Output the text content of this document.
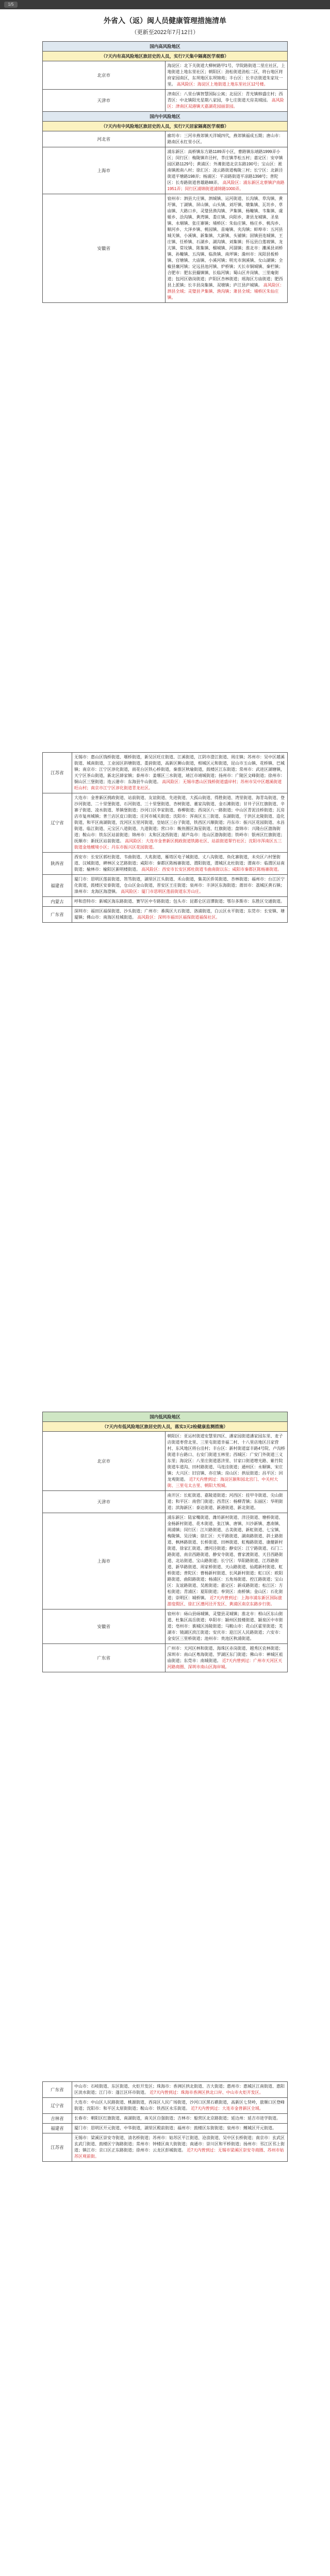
1/5
外省入（返）闽人员健康管理措施清单
（更新至2022年7月12日）
国内高风险地区	
（7天内有高风险地区旅居史的人员，实行7天集中隔离医学观察）	
北京市	海淀区：北下关街道大柳树路甲1号，学院路街道二里庄社区，上地街道上地东里社区；朝阳区：劲松街道劲松二区，将台地区将府家园南区，东坝地区东坝锦苑；丰台区：长辛店街道朱家坟一里。 高风险区：海淀区上地街道上地东里社区12号楼。
天津市	津南区：八里台镇智慧国际公寓；北辰区：青光镇韩盛庄村；西青区：中北镇阳光星期八家园，李七庄街道天房美域园。 高风险区：津南区双港镇天嘉湖花园丽景园。
国内中风险地区	
（7天内有中风险地区旅居史的人员，实行7天居家隔离医学观察）	
河北省	廊坊市：三河市燕郊镇天洋城四代，燕郊镇福成五期；唐山市：路南区永红里小区。
上海市	浦东新区：高桥镇东方路1189弄小区，曹路镇东靖路1999弄小区；闵行区：梅陇镇许泾村，莘庄镇莘松五村；嘉定区：安亭镇园区路1129号；黄浦区：外滩街道北京东路190号；宝山区：淞南镇淞南八村；徐汇区：凌云路街道梅陇三村；长宁区：北新泾街道平塘路198弄；杨浦区：平凉路街道平凉路1398号；普陀区：长寿路街道普雄路88弄。 高风险区：浦东新区北蔡镇沪南路1951弄；闵行区浦锦街道浦锦路1000弄。
安徽省	宿州市：泗县大庄镇、泗城镇、运河街道、长沟镇、草沟镇、黄圩镇、丁湖镇、屏山镇、山头镇、刘圩镇、墩集镇、瓦坊乡、草庙镇、大路口乡，灵璧县渔沟镇、尹集镇、杨疃镇、韦集镇、虞姬乡、浍沟镇、黄湾镇、娄庄镇、向阳乡，萧县龙城镇、圣泉镇、永堌镇、张庄寨镇；埇桥区：朱仙庄镇、杨庄乡、桃沟乡、顺河乡、大泽乡镇、桃园镇、苗庵镇、夹沟镇；蚌埠市：五河县城关镇、小溪镇、新集镇、大新镇、头铺镇；固镇县连城镇、王庄镇、任桥镇、石湖乡、湖沟镇、刘集镇；怀远县白莲坡镇、龙亢镇、常坟镇、陈集镇、榴城镇、河溜镇；淮北市：濉溪县刘桥镇、孙疃镇、五沟镇、临涣镇、南坪镇；滁州市：凤阳县板桥镇、官塘镇、大庙镇、小溪河镇；明光市涧溪镇、女山湖镇；全椒县襄河镇；定远县池河镇、炉桥镇；天长市铜城镇、秦栏镇；合肥市：肥东县撮镇镇、长临河镇；蜀山区井岗镇、三里庵街道；包河区骆岗街道；庐阳区杏林街道；瑶海区方庙街道；肥西县上派镇；长丰县岗集镇、双墩镇；庐江县庐城镇。 高风险区：泗县全域；灵璧县尹集镇、渔沟镇；萧县全域；埇桥区朱仙庄镇。
江苏省	无锡市：惠山区钱桥街道、堰桥街道，新吴区旺庄街道、江溪街道，江阴市澄江街道、周庄镇；苏州市：吴中区越溪街道、城南街道，工业园区斜塘街道、娄葑街道，高新区狮山街道，相城区元和街道，昆山市玉山镇、花桥镇、巴城镇；南京市：江宁区淳化街道，雨花台区铁心桥街道，秦淮区秋瑜街道，鼓楼区江东街道；常州市：武进区湖塘镇，天宁区茶山街道，新北区薛家镇；泰州市：姜堰区三水街道，靖江市靖城街道；扬州市：广陵区文峰街道；徐州市：铜山区三堡街道；连云港市：东海县牛山街道。 高风险区：无锡市惠山区钱桥街道盛岸村；苏州市吴中区越溪街道旺山村；南京市江宁区淳化街道青龙社区。
辽宁省	大连市：金普新区拥政街道、站前街道、友谊街道、先进街道、大孤山街道、得胜街道、湾里街道、海青岛街道、登沙河街道、二十里堡街道、石河街道、三十里堡街道、杏树街道、董家沟街道、金石滩街道；甘井子区红旗街道、辛寨子街道、凌水街道、革镇堡街道；沙河口区李家街道、春柳街道；西岗区八一路街道；中山区青泥洼桥街道；瓦房店市复州城镇；普兰店区皮口街道；庄河市城关街道；沈阳市：浑南区五三街道、东湖街道，于洪区北陵街道、造化街道，和平区南湖街道，沈河区五里河街道，皇姑区三台子街道，铁西区兴顺街道；丹东市：振兴区花园街道、永昌街道、临江街道、元宝区八道街道、九道街道；营口市：鲅鱼圈区海星街道、红旗街道；盘锦市：兴隆台区渤海街道；鞍山市：铁东区站前街道；锦州市：太和区凌西街道；葫芦岛市：连山区渤海街道；铁岭市：银州区红旗街道；抚顺市：新抚区站前街道。 高风险区：大连市金普新区拥政街道铁路社区、站前街道翠竹社区；沈阳市浑南区五三街道金地檀境小区；丹东市振兴区花园街道。
陕西省	西安市：长安区郭杜街道、韦曲街道、大兆街道，雁塔区电子城街道、丈八沟街道、鱼化寨街道，未央区六村堡街道、汉城街道，碑林区文艺路街道；咸阳市：秦都区陈杨寨街道、渭阳街道，渭城区北杜街道；渭南市：临渭区站南街道；榆林市：榆阳区新明楼街道。 高风险区：西安市长安区郭杜街道韦曲南街以东；咸阳市秦都区陈杨寨街道。
福建省	厦门市：思明区莲前街道、筼筜街道，湖里区江头街道、禾山街道，集美区侨英街道、杏林街道；福州市：台江区宁化街道，鼓楼区安泰街道，仓山区金山街道，晋安区王庄街道；泉州市：丰泽区东海街道；莆田市：荔城区黄石镇；漳州市：龙海区海澄镇。 高风险区：厦门市思明区莲前街道东芳山庄。
内蒙古	呼和浩特市：新城区海东路街道、赛罕区中专路街道；包头市：昆都仑区沼潭街道；鄂尔多斯市：东胜区交通街道。
广东省	深圳市：福田区福保街道、沙头街道；广州市：番禺区大石街道、洛浦街道，白云区永平街道；东莞市：长安镇、塘厦镇；佛山市：南海区桂城街道。 高风险区：深圳市福田区福保街道福保社区。
国内低风险地区	
（7天内有低风险地区旅居史的人员，落实3天2检健康监测措施）	
北京市	朝阳区：亚运村街道安慧里四区、潘家园街道潘家园东里、麦子店街道枣营北里、三里屯街道幸福二村、十八里店地区吕家营村、东风地区将台洼村；丰台区：新村街道富丰路4号院、卢沟桥街道丰台路口、右安门街道玉林里；西城区：广安门外街道三义东里；海淀区：八里庄街道恩济里、甘家口街道增光路、紫竹院街道车道沟、田村路街道、马连洼街道；通州区：永顺镇、宋庄镇；大兴区：旧宫镇、亦庄镇；房山区：拱辰街道；昌平区：回龙观街道。 近7天内曾到过：海淀区颐和园北宫门、中关村大街、三里屯太古里、朝阳大悦城。
天津市	南开区：长虹街道、嘉陵道街道；河西区：挂甲寺街道、尖山街道；和平区：南营门街道；西青区：杨柳青镇；东丽区：华明街道；滨海新区：泰达街道、新港街道、新北街道。
上海市	浦东新区：陆家嘴街道、潍坊新村街道、洋泾街道、塘桥街道、金杨新村街道、花木街道、张江镇、唐镇、川沙新镇、惠南镇、周浦镇；闵行区：江川路街道、古美街道、新虹街道、七宝镇、梅陇镇、吴泾镇；徐汇区：天平路街道、湖南路街道、斜土路街道、枫林路街道、长桥街道、田林街道、虹梅路街道、康健新村街道、徐家汇街道、漕河泾街道；静安区：江宁路街道、石门二路街道、南京西路街道、静安寺街道、曹家渡街道、天目西路街道、北站街道、宝山路街道；长宁区：华阳路街道、江苏路街道、新华路街道、周家桥街道、天山路街道、仙霞新村街道、虹桥街道；普陀区：曹杨新村街道、长风新村街道；虹口区：欧阳路街道、曲阳路街道；杨浦区：五角场街道、控江路街道；宝山区：友谊路街道、吴淞街道；嘉定区：新成路街道；松江区：方松街道；青浦区：夏阳街道；奉贤区：南桥镇；金山区：石化街道；崇明区：城桥镇。 近7天内曾到过：上海市浦东新区国际旅游度假区、徐汇区漕河泾开发区、黄浦区南京东路步行街。
安徽省	宿州市：砀山县砀城镇、灵璧县灵城镇；淮北市：相山区东山街道、杜集区高岳街道；阜阳市：颍州区鼓楼街道、颍泉区中市街道；亳州市：谯城区汤陵街道；马鞍山市：花山区霍里街道；芜湖市：镜湖区滨江街道；安庆市：迎江区人民路街道；六安市：金安区三里桥街道；池州市：贵池区秋浦街道。
广东省	广州市：天河区林和街道、海珠区赤岗街道、越秀区农林街道；深圳市：南山区粤海街道、罗湖区东门街道；佛山市：禅城区祖庙街道；东莞市：南城街道。 近7天内曾到过：广州市天河区天河路商圈、深圳市南山区海岸城。
广东省	中山市：石岐街道、东区街道、火炬开发区；珠海市：香洲区拱北街道、吉大街道；惠州市：惠城区江南街道、惠阳区淡水街道；江门市：蓬江区环市街道。 近7天内曾到过：珠海市香洲区拱北口岸、中山市火炬开发区。
辽宁省	大连市：中山区人民路街道、桃源街道，西岗区人民广场街道，沙河口区黑石礁街道，高新区七贤岭，旅顺口区登峰街道；沈阳市：和平区太原街街道；鞍山市：铁西区永乐街道。 近7天内曾到过：大连市金普新区全域。
吉林省	长春市：朝阳区红旗街道、南湖街道，南关区自强街道；吉林市：船营区北京路街道；延边州：延吉市进学街道。
福建省	厦门市：思明区开元街道、中华街道，湖里区殿前街道；福州市：鼓楼区东街街道；泉州市：鲤城区开元街道。
江苏省	无锡市：梁溪区崇安寺街道、清名桥街道；苏州市：姑苏区平江街道、沧浪街道、吴中区长桥街道；南京市：玄武区玄武门街道、鼓楼区宁海路街道；常州市：钟楼区南大街街道；南通市：崇川区和平桥街道；扬州市：邗江区邗上街道；镇江市：京口区正东路街道；徐州市：云龙区彭城街道。 近7天内曾到过：无锡市梁溪区崇安寺商圈、苏州市姑苏区观前街。
